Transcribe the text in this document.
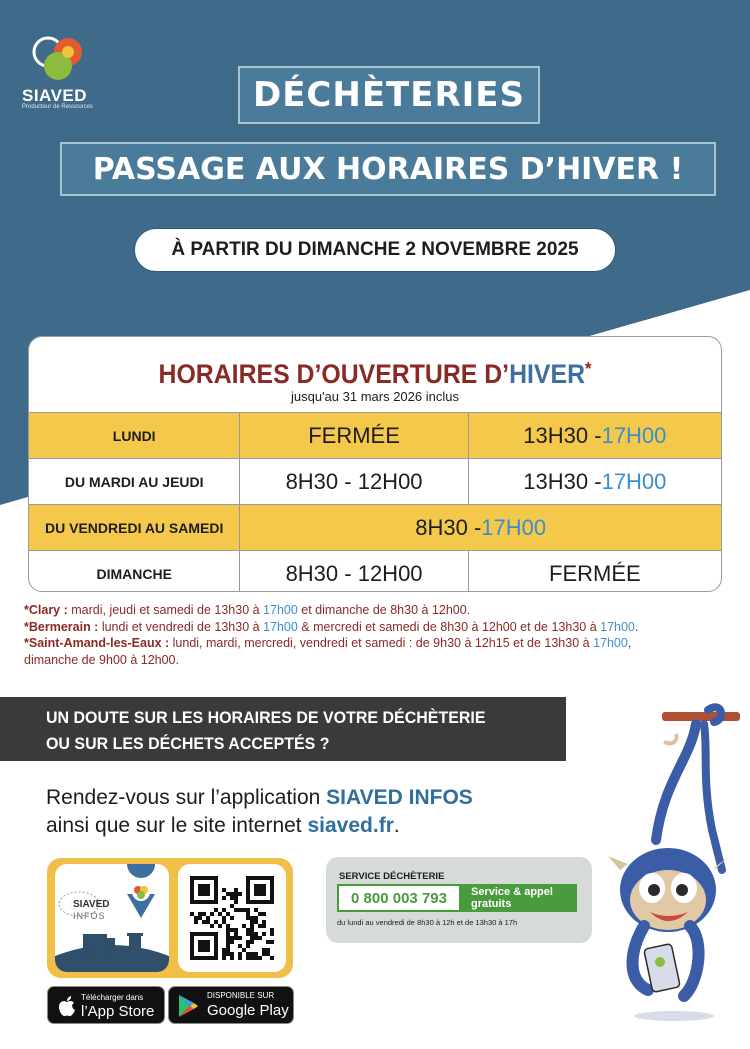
SIAVED
Producteur de Ressources	DÉCHÈTERIES
PASSAGE AUX HORAIRES D’HIVER !
À PARTIR DU DIMANCHE 2 NOVEMBRE 2025
HORAIRES D’OUVERTURE D’HIVER*
jusqu'au 31 mars 2026 inclus
LUNDI	FERMÉE	13H30 - 17H00
DU MARDI AU JEUDI	8H30 - 12H00	13H30 - 17H00
DU VENDREDI AU SAMEDI	8H30 - 17H00
DIMANCHE	8H30 - 12H00	FERMÉE
*Clary : mardi, jeudi et samedi de 13h30 à 17h00 et dimanche de 8h30 à 12h00.
*Bermerain : lundi et vendredi de 13h30 à 17h00 & mercredi et samedi de 8h30 à 12h00 et de 13h30 à 17h00.
*Saint-Amand-les-Eaux : lundi, mardi, mercredi, vendredi et samedi : de 9h30 à 12h15 et de 13h30 à 17h00,
dimanche de 9h00 à 12h00.
UN DOUTE SUR LES HORAIRES DE VOTRE DÉCHÈTERIE
OU SUR LES DÉCHETS ACCEPTÉS ?
Rendez-vous sur l’application SIAVED INFOS
ainsi que sur le site internet siaved.fr.
SIAVED
INFOS
Télécharger dans
l’App Store
DISPONIBLE SUR
Google Play
SERVICE DÉCHÈTERIE
0 800 003 793	Service & appel
gratuits
du lundi au vendredi de 8h30 à 12h et de 13h30 à 17h
